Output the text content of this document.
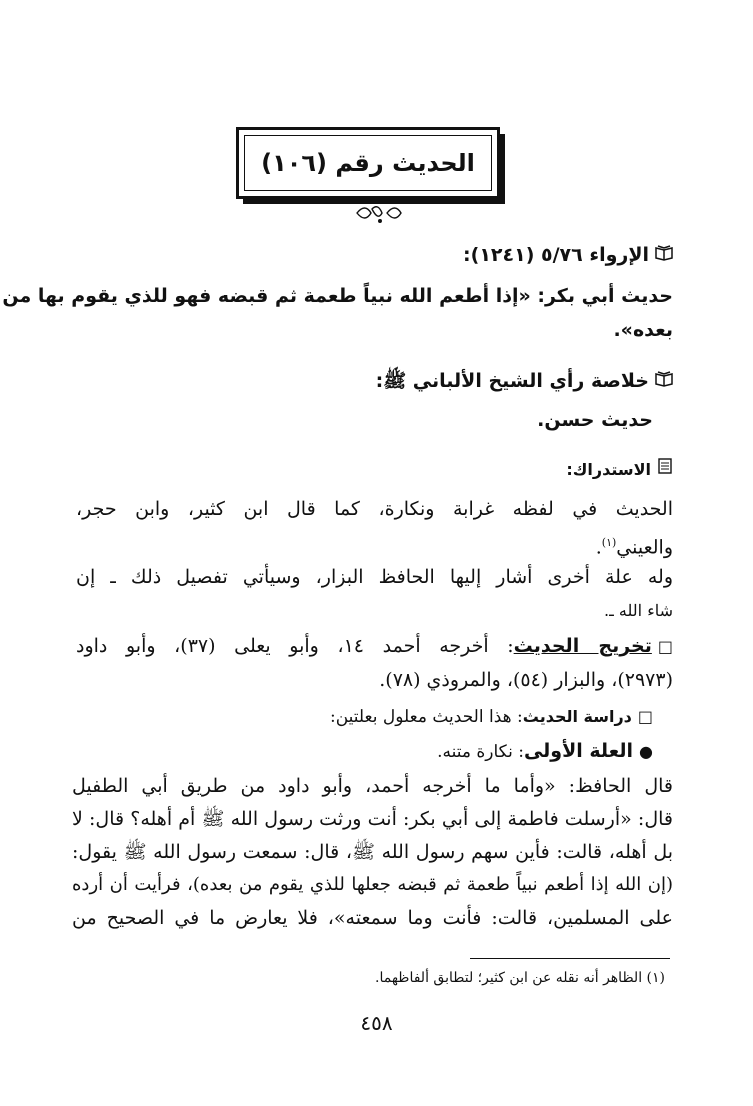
الحديث رقم (١٠٦)
الإرواء ٥/٧٦ (١٢٤١):
حديث أبي بكر: «إذا أطعم الله نبياً طعمة ثم قبضه فهو للذي يقوم بها من
بعده».
خلاصة رأي الشيخ الألباني ﷺ:
حديث حسن.
الاستدراك:
الحديث في لفظه غرابة ونكارة، كما قال ابن كثير، وابن حجر،
والعيني$^{(١)}$.
وله علة أخرى أشار إليها الحافظ البزار، وسيأتي تفصيل ذلك ـ إن
شاء الله ـ.
□تخريج الحديث: أخرجه أحمد ١٤، وأبو يعلى (٣٧)، وأبو داود
(٢٩٧٣)، والبزار (٥٤)، والمروذي (٧٨).
□دراسة الحديث: هذا الحديث معلول بعلتين:
●العلة الأولى: نكارة متنه.
قال الحافظ: «وأما ما أخرجه أحمد، وأبو داود من طريق أبي الطفيل
قال: «أرسلت فاطمة إلى أبي بكر: أنت ورثت رسول الله ﷺ أم أهله؟ قال: لا
بل أهله، قالت: فأين سهم رسول الله ﷺ، قال: سمعت رسول الله ﷺ يقول:
(إن الله إذا أطعم نبياً طعمة ثم قبضه جعلها للذي يقوم من بعده)، فرأيت أن أرده
على المسلمين، قالت: فأنت وما سمعته»، فلا يعارض ما في الصحيح من
(١) الظاهر أنه نقله عن ابن كثير؛ لتطابق ألفاظهما.
٤٥٨
